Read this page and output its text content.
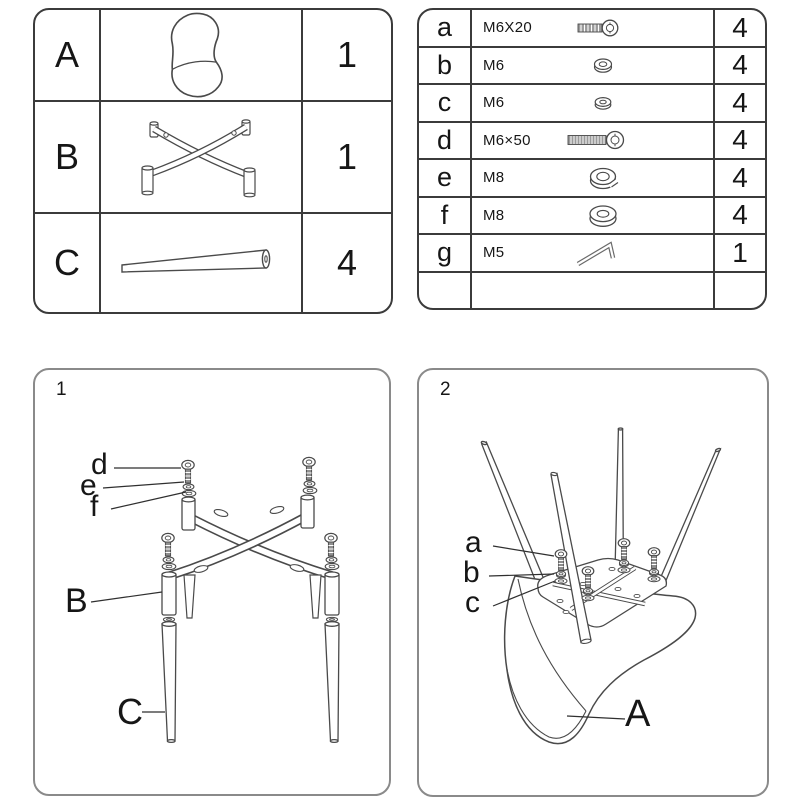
A	1
B	1
C	4
a	M6X20	4
b	M6	4
c	M6	4
d	M6×50	4
e	M8	4
f	M8	4
g	M5	1
1
d
e
f
B
C
2
a
b
c
A
